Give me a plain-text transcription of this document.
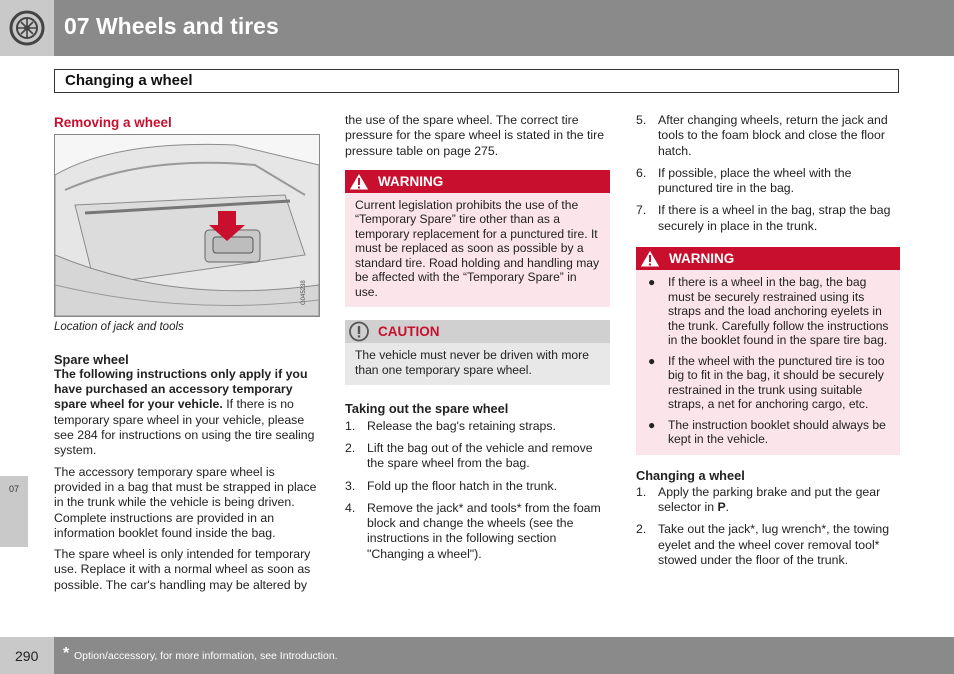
07 Wheels and tires
Changing a wheel
07
Removing a wheel
G045238
Location of jack and tools
Spare wheel

The following instructions only apply if you have purchased an accessory temporary spare wheel for your vehicle. If there is no temporary spare wheel in your vehicle, please see 284 for instructions on using the tire sealing system.

The accessory temporary spare wheel is provided in a bag that must be strapped in place in the trunk while the vehicle is being driven. Complete instructions are provided in an information booklet found inside the bag.

The spare wheel is only intended for temporary use. Replace it with a normal wheel as soon as possible. The car's handling may be altered by

the use of the spare wheel. The correct tire pressure for the spare wheel is stated in the tire pressure table on page 275.

WARNING
Current legislation prohibits the use of the “Temporary Spare” tire other than as a temporary replacement for a punctured tire. It must be replaced as soon as possible by a standard tire. Road holding and handling may be affected with the “Temporary Spare” in use.
CAUTION
The vehicle must never be driven with more than one temporary spare wheel.
Taking out the spare wheel
1. Release the bag's retaining straps.
2. Lift the bag out of the vehicle and remove the spare wheel from the bag.
3. Fold up the floor hatch in the trunk.
4. Remove the jack* and tools* from the foam block and change the wheels (see the instructions in the following section "Changing a wheel").
5. After changing wheels, return the jack and tools to the foam block and close the floor hatch.
6. If possible, place the wheel with the punctured tire in the bag.
7. If there is a wheel in the bag, strap the bag securely in place in the trunk.
WARNING
● If there is a wheel in the bag, the bag must be securely restrained using its straps and the load anchoring eyelets in the trunk. Carefully follow the instructions in the booklet found in the spare tire bag.
● If the wheel with the punctured tire is too big to fit in the bag, it should be securely restrained in the trunk using suitable straps, a net for anchoring cargo, etc.
● The instruction booklet should always be kept in the vehicle.
Changing a wheel
1. Apply the parking brake and put the gear selector in P.
2. Take out the jack*, lug wrench*, the towing eyelet and the wheel cover removal tool* stowed under the floor of the trunk.
290 * Option/accessory, for more information, see Introduction.
